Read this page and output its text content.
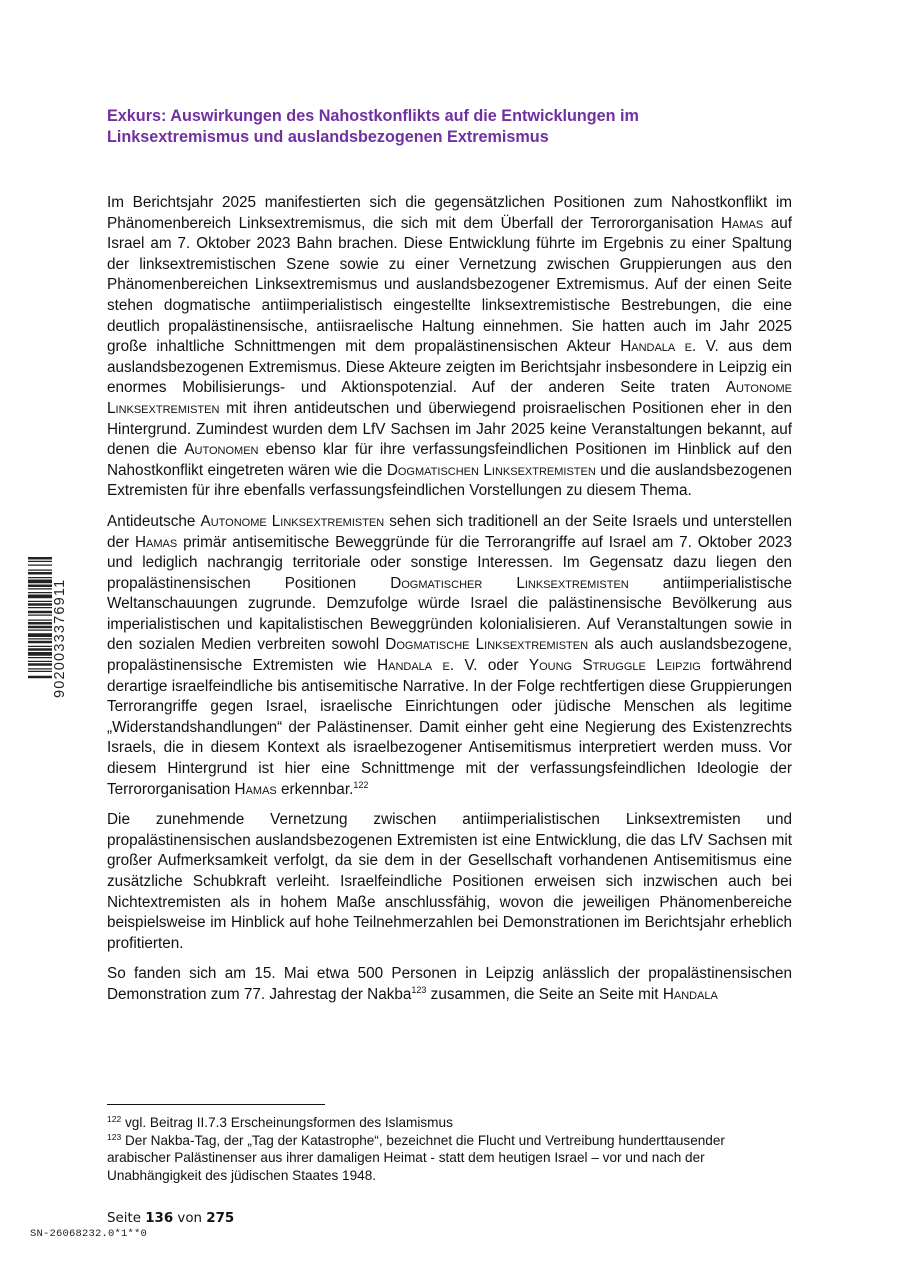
Exkurs: Auswirkungen des Nahostkonflikts auf die Entwicklungen im
Linksextremismus und auslandsbezogenen Extremismus

Im Berichtsjahr 2025 manifestierten sich die gegensätzlichen Positionen zum Nahostkonflikt im Phänomenbereich Linksextremismus, die sich mit dem Überfall der Terrororganisation Hamas auf Israel am 7. Oktober 2023 Bahn brachen. Diese Entwicklung führte im Ergebnis zu einer Spaltung der linksextremistischen Szene sowie zu einer Vernetzung zwischen Gruppierungen aus den Phänomenbereichen Linksextremismus und auslandsbezogener Extremismus. Auf der einen Seite stehen dogmatische antiimperialistisch eingestellte linksextremistische Bestrebungen, die eine deutlich propalästinensische, antiisraelische Haltung einnehmen. Sie hatten auch im Jahr 2025 große inhaltliche Schnittmengen mit dem propalästinensischen Akteur Handala e. V. aus dem auslandsbezogenen Extremismus. Diese Akteure zeigten im Berichtsjahr insbesondere in Leipzig ein enormes Mobilisierungs- und Aktionspotenzial. Auf der anderen Seite traten Autonome Linksextremisten mit ihren antideutschen und überwiegend proisraelischen Positionen eher in den Hintergrund. Zumindest wurden dem LfV Sachsen im Jahr 2025 keine Veranstaltungen bekannt, auf denen die Autonomen ebenso klar für ihre verfassungsfeindlichen Positionen im Hinblick auf den Nahostkonflikt eingetreten wären wie die Dogmatischen Linksextremisten und die auslandsbezogenen Extremisten für ihre ebenfalls verfassungsfeindlichen Vorstellungen zu diesem Thema.

Antideutsche Autonome Linksextremisten sehen sich traditionell an der Seite Israels und unterstellen der Hamas primär antisemitische Beweggründe für die Terrorangriffe auf Israel am 7. Oktober 2023 und lediglich nachrangig territoriale oder sonstige Interessen. Im Gegensatz dazu liegen den propalästinensischen Positionen Dogmatischer Linksextremisten antiimperialistische Weltanschauungen zugrunde. Demzufolge würde Israel die palästinensische Bevölkerung aus imperialistischen und kapitalistischen Beweggründen kolonialisieren. Auf Veranstaltungen sowie in den sozialen Medien verbreiten sowohl Dogmatische Linksextremisten als auch auslandsbezogene, propalästinensische Extremisten wie Handala e. V. oder Young Struggle Leipzig fortwährend derartige israelfeindliche bis antisemitische Narrative. In der Folge rechtfertigen diese Gruppierungen Terrorangriffe gegen Israel, israelische Einrichtungen oder jüdische Menschen als legitime „Widerstandshandlungen“ der Palästinenser. Damit einher geht eine Negierung des Existenzrechts Israels, die in diesem Kontext als israelbezogener Antisemitismus interpretiert werden muss. Vor diesem Hintergrund ist hier eine Schnittmenge mit der verfassungsfeindlichen Ideologie der Terrororganisation Hamas erkennbar.$^{122}$

Die zunehmende Vernetzung zwischen antiimperialistischen Linksextremisten und propalästinensischen auslandsbezogenen Extremisten ist eine Entwicklung, die das LfV Sachsen mit großer Aufmerksamkeit verfolgt, da sie dem in der Gesellschaft vorhandenen Antisemitismus eine zusätzliche Schubkraft verleiht. Israelfeindliche Positionen erweisen sich inzwischen auch bei Nichtextremisten als in hohem Maße anschlussfähig, wovon die jeweiligen Phänomenbereiche beispielsweise im Hinblick auf hohe Teilnehmerzahlen bei Demonstrationen im Berichtsjahr erheblich profitierten.

So fanden sich am 15. Mai etwa 500 Personen in Leipzig anlässlich der propalästinensischen Demonstration zum 77. Jahrestag der Nakba$^{123}$ zusammen, die Seite an Seite mit Handala

$^{122}$ vgl. Beitrag II.7.3 Erscheinungsformen des Islamismus
$^{123}$ Der Nakba-Tag, der „Tag der Katastrophe“, bezeichnet die Flucht und Vertreibung hunderttausender arabischer Palästinenser aus ihrer damaligen Heimat - statt dem heutigen Israel – vor und nach der Unabhängigkeit des jüdischen Staates 1948.
Seite 136 von 275
SN-26068232.0*1**0
9020033376911
